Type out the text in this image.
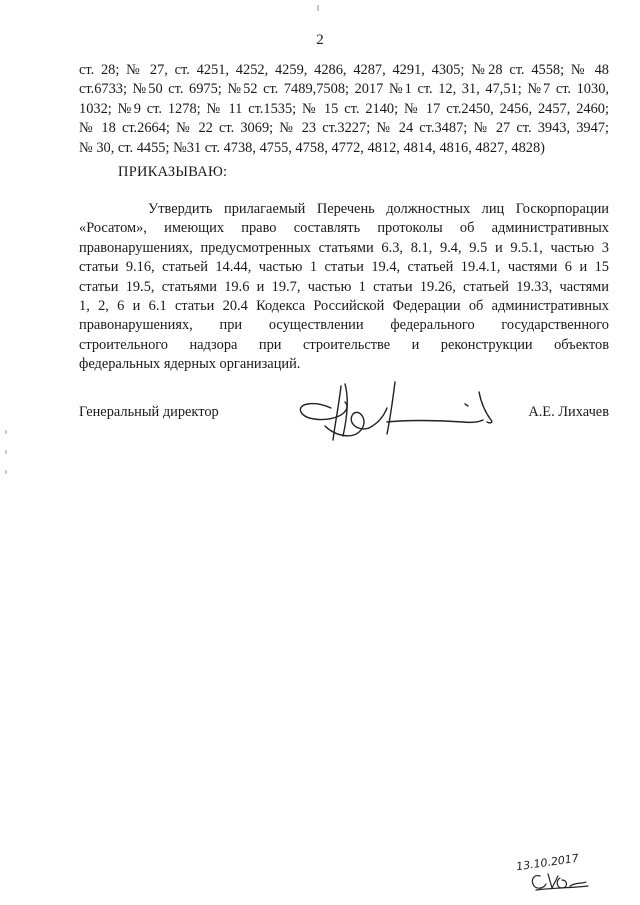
2

ст. 28; № 27, ст. 4251, 4252, 4259, 4286, 4287, 4291, 4305; №28 ст. 4558; № 48
ст.6733; №50 ст. 6975; №52 ст. 7489,7508; 2017 №1 ст. 12, 31, 47,51; №7 ст. 1030,
1032; №9 ст. 1278; № 11 ст.1535; № 15 ст. 2140; № 17 ст.2450, 2456, 2457, 2460;
№ 18 ст.2664; № 22 ст. 3069; № 23 ст.3227; № 24 ст.3487; № 27 ст. 3943, 3947;
№ 30, ст. 4455; №31 ст. 4738, 4755, 4758, 4772, 4812, 4814, 4816, 4827, 4828)

ПРИКАЗЫВАЮ:

Утвердить прилагаемый Перечень должностных лиц Госкорпорации
«Росатом», имеющих право составлять протоколы об административных
правонарушениях, предусмотренных статьями 6.3, 8.1, 9.4, 9.5 и 9.5.1, частью 3
статьи 9.16, статьей 14.44, частью 1 статьи 19.4, статьей 19.4.1, частями 6 и 15
статьи 19.5, статьями 19.6 и 19.7, частью 1 статьи 19.26, статьей 19.33, частями
1, 2, 6 и 6.1 статьи 20.4 Кодекса Российской Федерации об административных
правонарушениях, при осуществлении федерального государственного
строительного надзора при строительстве и реконструкции объектов
федеральных ядерных организаций.

Генеральный директор	А.Е. Лихачев
13.10.2017
